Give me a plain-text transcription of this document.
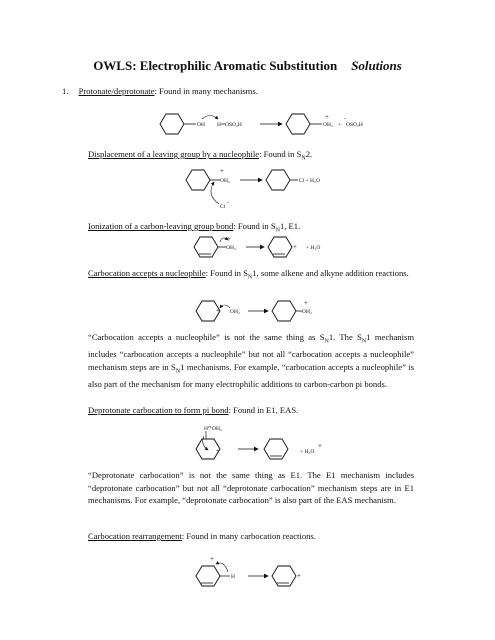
OWLS: Electrophilic Aromatic Substitution Solutions
1. Protonate/deprotonate: Found in many mechanisms.
OH H OSO₃H	OH₂
+
+
-
OSO₃H
Displacement of a leaving group by a nucleophile: Found in $S_N2$.
OH₂
+
Cl
-
Cl + H₂O
Ionization of a carbon-leaving group bond: Found in $S_N1$, E1.
OH₂
+
+ + H₂O
Carbocation accepts a nucleophile: Found in $S_N1$, some alkene and alkyne addition reactions.
+ OH₂	OH₂
+
“Carbocation accepts a nucleophile” is not the same thing as $S_N1$. The $S_N1$ mechanism includes “carbocation accepts a nucleophile” but not all “carbocation accepts a nucleophile” mechanism steps are in $S_N1$ mechanisms. For example, “carbocation accepts a nucleophile” is also part of the mechanism for many electrophilic additions to carbon-carbon pi bonds.
Deprotonate carbocation to form pi bond: Found in E1, EAS.
H OH₂
+	+ H₃O
+
“Deprotonate carbocation” is not the same thing as E1. The E1 mechanism includes “deprotonate carbocation” but not all “deprotonate carbocation” mechanism steps are in E1 mechanisms. For example, “deprotonate carbocation” is also part of the EAS mechanism.
Carbocation rearrangement: Found in many carbocation reactions.
+
H	+
